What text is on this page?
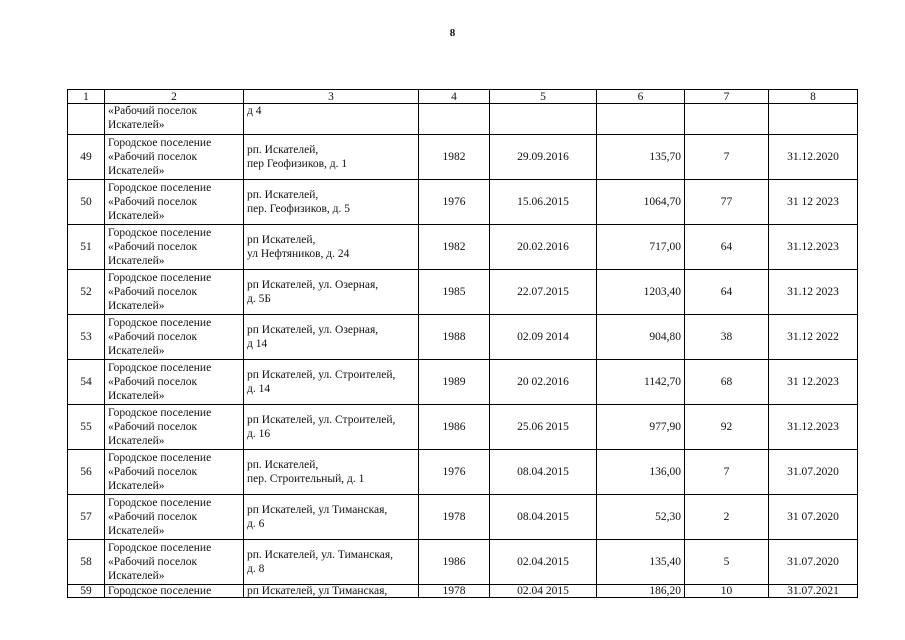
8
1	2	3	4	5	6	7	8

	«Рабочий поселок
Искателей»	д 4					

49	Городское поселение
«Рабочий поселок
Искателей»	рп. Искателей,
пер Геофизиков, д. 1	1982	29.09.2016	135,70	7	31.12.2020
50	Городское поселение
«Рабочий поселок
Искателей»	рп. Искателей,
пер. Геофизиков, д. 5	1976	15.06.2015	1064,70	77	31 12 2023
51	Городское поселение
«Рабочий поселок
Искателей»	рп Искателей,
ул Нефтяников, д. 24	1982	20.02.2016	717,00	64	31.12.2023
52	Городское поселение
«Рабочий поселок
Искателей»	рп Искателей, ул. Озерная,
д. 5Б	1985	22.07.2015	1203,40	64	31.12 2023
53	Городское поселение
«Рабочий поселок
Искателей»	рп Искателей, ул. Озерная,
д 14	1988	02.09 2014	904,80	38	31.12 2022
54	Городское поселение
«Рабочий поселок
Искателей»	рп Искателей, ул. Строителей,
д. 14	1989	20 02.2016	1142,70	68	31 12.2023
55	Городское поселение
«Рабочий поселок
Искателей»	рп Искателей, ул. Строителей,
д. 16	1986	25.06 2015	977,90	92	31.12.2023
56	Городское поселение
«Рабочий поселок
Искателей»	рп. Искателей,
пер. Строительный, д. 1	1976	08.04.2015	136,00	7	31.07.2020
57	Городское поселение
«Рабочий поселок
Искателей»	рп Искателей, ул Тиманская,
д. 6	1978	08.04.2015	52,30	2	31 07.2020
58	Городское поселение
«Рабочий поселок
Искателей»	рп. Искателей, ул. Тиманская,
д. 8	1986	02.04.2015	135,40	5	31.07.2020
59	Городское поселение	рп Искателей, ул Тиманская,	1978	02.04 2015	186,20	10	31.07.2021
